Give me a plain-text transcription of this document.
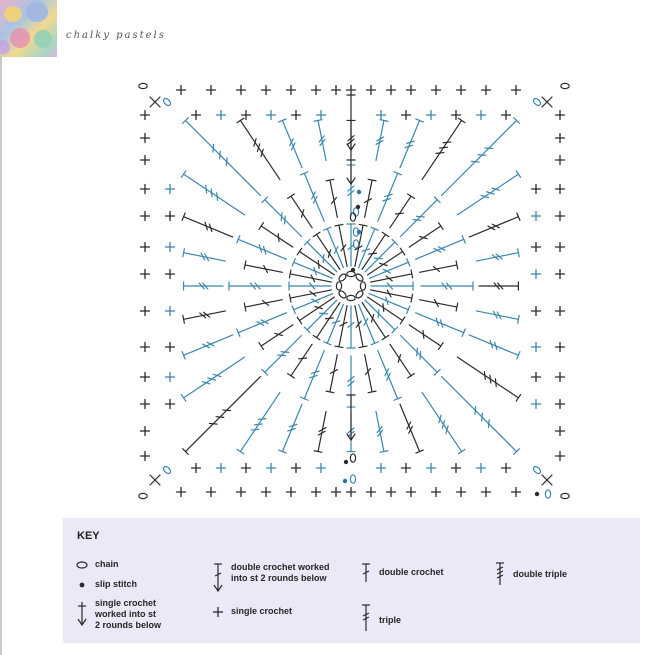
chalky pastels
KEY
chain
slip stitch
single crochet
worked into st
2 rounds below
double crochet worked
into st 2 rounds below
single crochet
double crochet
triple
double triple
